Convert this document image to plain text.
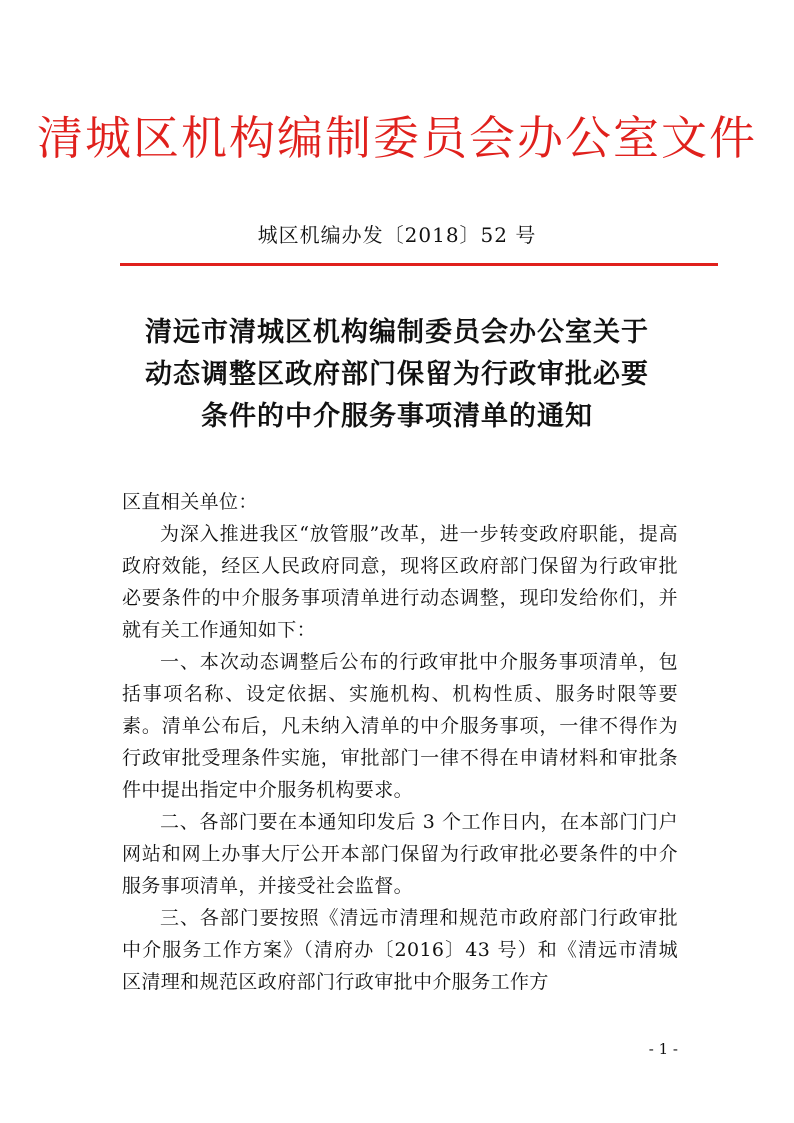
清城区机构编制委员会办公室文件
城区机编办发〔2018〕52 号
清远市清城区机构编制委员会办公室关于
动态调整区政府部门保留为行政审批必要
条件的中介服务事项清单的通知

区直相关单位：

为深入推进我区“放管服”改革，进一步转变政府职能，提高政府效能，经区人民政府同意，现将区政府部门保留为行政审批必要条件的中介服务事项清单进行动态调整，现印发给你们，并就有关工作通知如下：

一、本次动态调整后公布的行政审批中介服务事项清单，包括事项名称、设定依据、实施机构、机构性质、服务时限等要素。清单公布后，凡未纳入清单的中介服务事项，一律不得作为行政审批受理条件实施，审批部门一律不得在申请材料和审批条件中提出指定中介服务机构要求。

二、各部门要在本通知印发后 3 个工作日内，在本部门门户网站和网上办事大厅公开本部门保留为行政审批必要条件的中介服务事项清单，并接受社会监督。

三、各部门要按照《清远市清理和规范市政府部门行政审批中介服务工作方案》（清府办〔2016〕43 号）和《清远市清城区清理和规范区政府部门行政审批中介服务工作方

- 1 -
